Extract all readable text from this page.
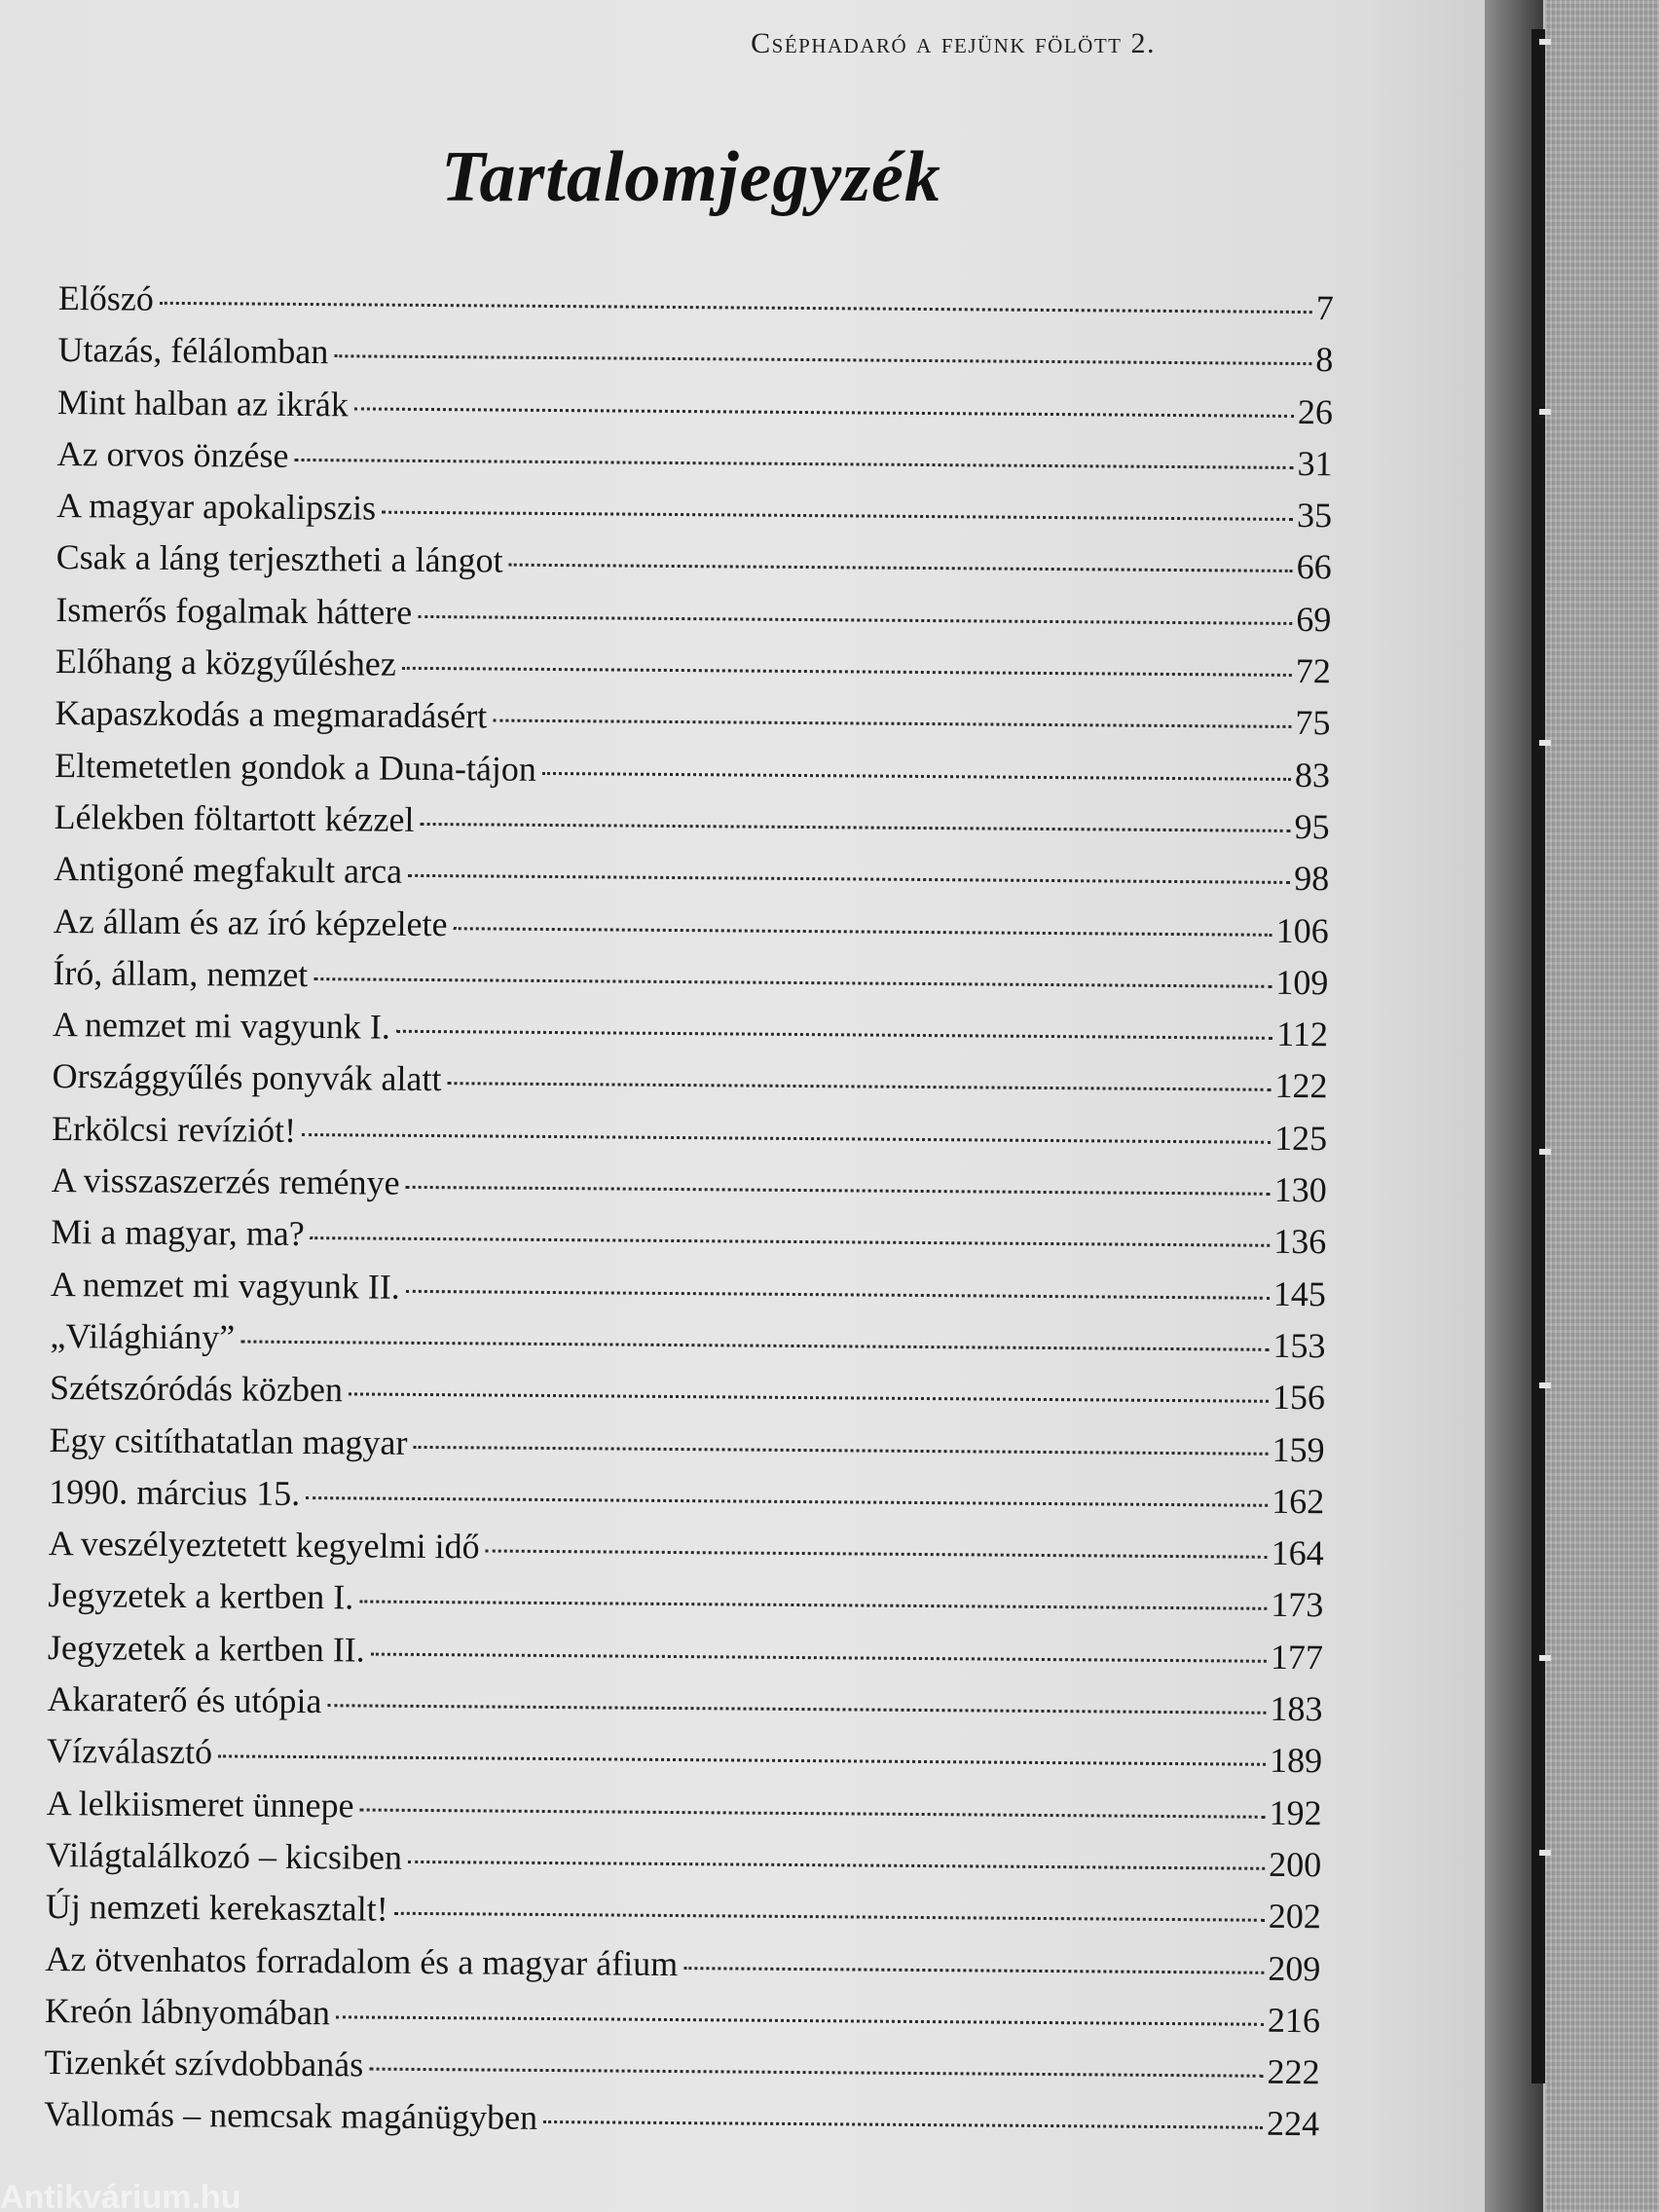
Cséphadaró a fejünk fölött 2.
Tartalomjegyzék
Előszó	7
Utazás, félálomban	8
Mint halban az ikrák	26
Az orvos önzése	31
A magyar apokalipszis	35
Csak a láng terjesztheti a lángot	66
Ismerős fogalmak háttere	69
Előhang a közgyűléshez	72
Kapaszkodás a megmaradásért	75
Eltemetetlen gondok a Duna-tájon	83
Lélekben föltartott kézzel	95
Antigoné megfakult arca	98
Az állam és az író képzelete	106
Író, állam, nemzet	109
A nemzet mi vagyunk I.	112
Országgyűlés ponyvák alatt	122
Erkölcsi revíziót!	125
A visszaszerzés reménye	130
Mi a magyar, ma?	136
A nemzet mi vagyunk II.	145
„Világhiány”	153
Szétszóródás közben	156
Egy csitíthatatlan magyar	159
1990. március 15.	162
A veszélyeztetett kegyelmi idő	164
Jegyzetek a kertben I.	173
Jegyzetek a kertben II.	177
Akaraterő és utópia	183
Vízválasztó	189
A lelkiismeret ünnepe	192
Világtalálkozó – kicsiben	200
Új nemzeti kerekasztalt!	202
Az ötvenhatos forradalom és a magyar áfium	209
Kreón lábnyomában	216
Tizenkét szívdobbanás	222
Vallomás – nemcsak magánügyben	224
Antikvárium.hu
